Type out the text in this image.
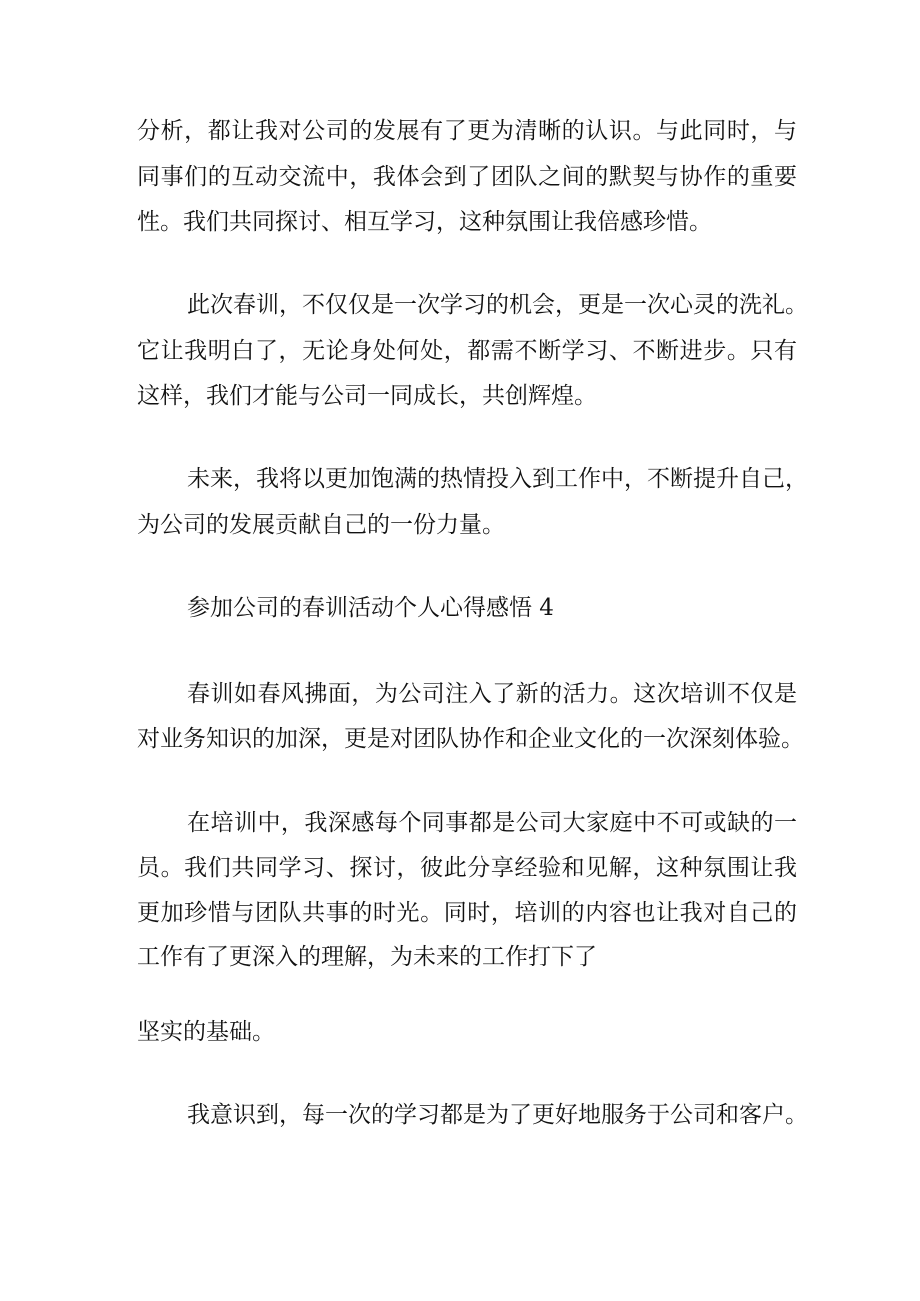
分析，都让我对公司的发展有了更为清晰的认识。与此同时，与

同事们的互动交流中，我体会到了团队之间的默契与协作的重要

性。我们共同探讨、相互学习，这种氛围让我倍感珍惜。

此次春训，不仅仅是一次学习的机会，更是一次心灵的洗礼。

它让我明白了，无论身处何处，都需不断学习、不断进步。只有

这样，我们才能与公司一同成长，共创辉煌。

未来，我将以更加饱满的热情投入到工作中，不断提升自己，

为公司的发展贡献自己的一份力量。

参加公司的春训活动个人心得感悟 4

春训如春风拂面，为公司注入了新的活力。这次培训不仅是

对业务知识的加深，更是对团队协作和企业文化的一次深刻体验。

在培训中，我深感每个同事都是公司大家庭中不可或缺的一

员。我们共同学习、探讨，彼此分享经验和见解，这种氛围让我

更加珍惜与团队共事的时光。同时，培训的内容也让我对自己的

工作有了更深入的理解，为未来的工作打下了

坚实的基础。

我意识到，每一次的学习都是为了更好地服务于公司和客户。
